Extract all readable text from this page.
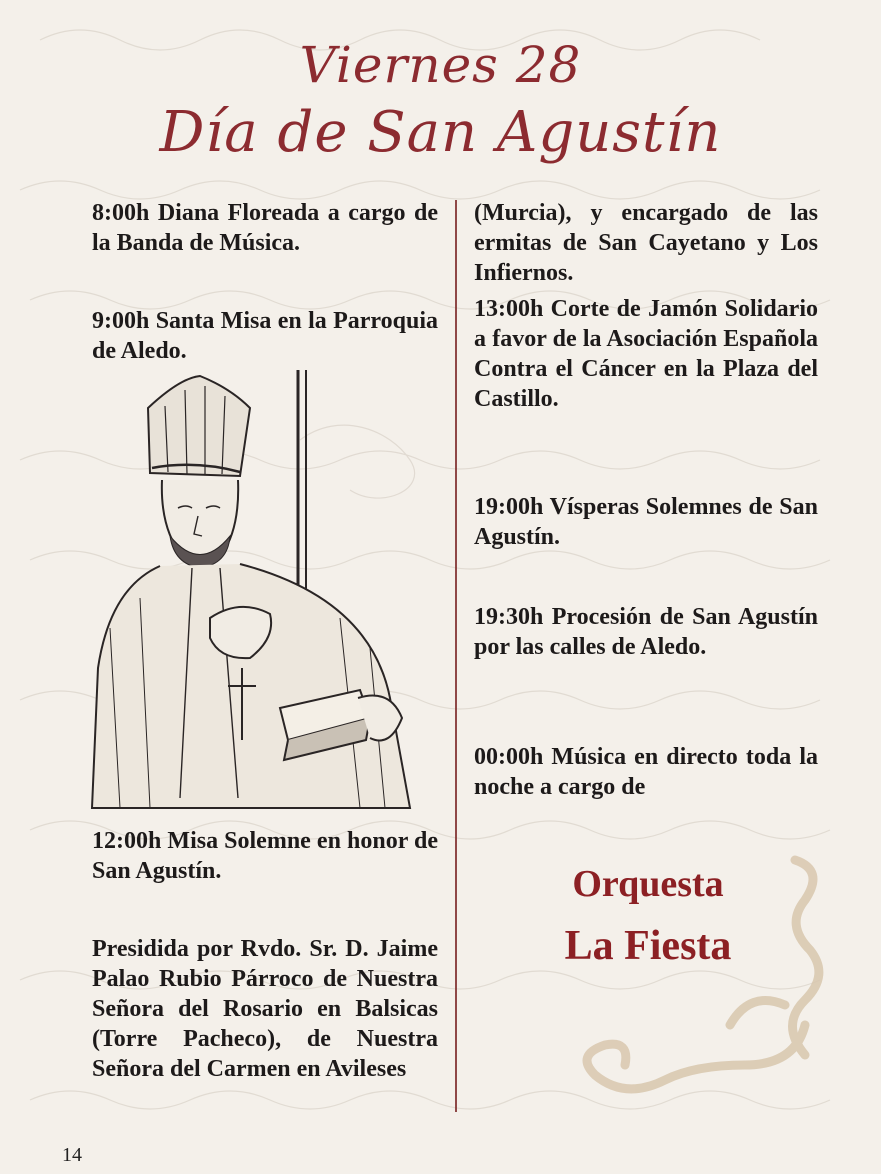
Viernes 28
Día de San Agustín

8:00h Diana Floreada a cargo de la Banda de Música.

9:00h Santa Misa en la Parroquia de Aledo.

12:00h Misa Solemne en honor de San Agustín.

Presidida por Rvdo. Sr. D. Jaime Palao Rubio Párroco de Nuestra Señora del Rosario en Balsicas (Torre Pacheco), de Nuestra Señora del Carmen en Avileses

(Murcia), y encargado de las ermitas de San Cayetano y Los Infiernos.

13:00h Corte de Jamón Solidario a favor de la Asociación Española Contra el Cáncer en la Plaza del Castillo.

19:00h Vísperas Solemnes de San Agustín.

19:30h Procesión de San Agustín por las calles de Aledo.

00:00h Música en directo toda la noche a cargo de

Orquesta
La Fiesta
14
